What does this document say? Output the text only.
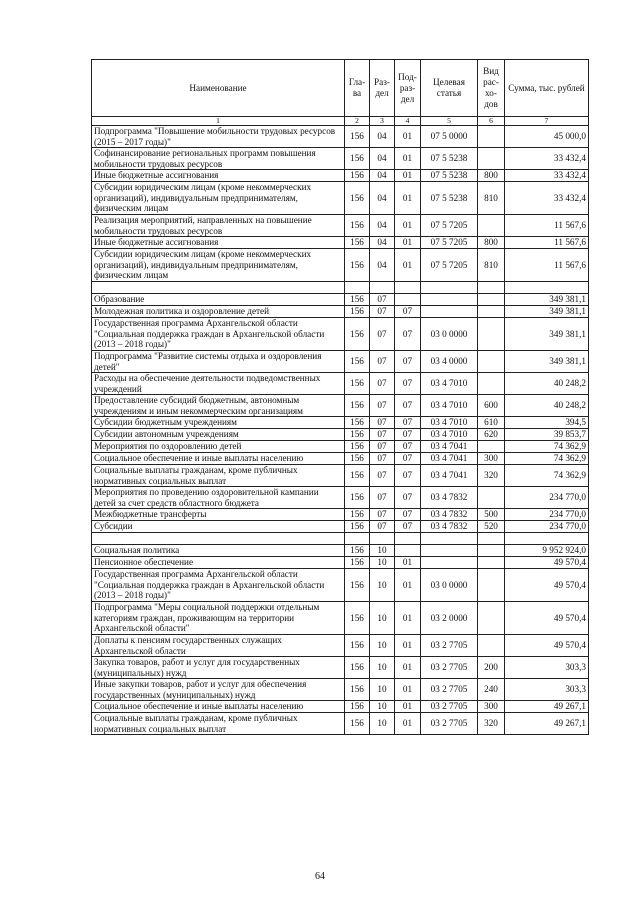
Наименование	Гла-ва	Раз-дел	Под-раз-дел	Целевая статья	Вид рас-хо-дов	Сумма, тыс. рублей
1	2	3	4	5	6	7
Подпрограмма "Повышение мобильности трудовых ресурсов (2015 – 2017 годы)"	156	04	01	07 5 0000		45 000,0
Софинансирование региональных программ повышения мобильности трудовых ресурсов	156	04	01	07 5 5238		33 432,4
Иные бюджетные ассигнования	156	04	01	07 5 5238	800	33 432,4
Субсидии юридическим лицам (кроме некоммерческих организаций), индивидуальным предпринимателям, физическим лицам	156	04	01	07 5 5238	810	33 432,4
Реализация мероприятий, направленных на повышение мобильности трудовых ресурсов	156	04	01	07 5 7205		11 567,6
Иные бюджетные ассигнования	156	04	01	07 5 7205	800	11 567,6
Субсидии юридическим лицам (кроме некоммерческих организаций), индивидуальным предпринимателям, физическим лицам	156	04	01	07 5 7205	810	11 567,6

Образование	156	07				349 381,1
Молодежная политика и оздоровление детей	156	07	07			349 381,1
Государственная программа Архангельской области "Социальная поддержка граждан в Архангельской области (2013 – 2018 годы)"	156	07	07	03 0 0000		349 381,1
Подпрограмма "Развитие системы отдыха и оздоровления детей"	156	07	07	03 4 0000		349 381,1
Расходы на обеспечение деятельности подведомственных учреждений	156	07	07	03 4 7010		40 248,2
Предоставление субсидий бюджетным, автономным учреждениям и иным некоммерческим организациям	156	07	07	03 4 7010	600	40 248,2
Субсидии бюджетным учреждениям	156	07	07	03 4 7010	610	394,5
Субсидии автономным учреждениям	156	07	07	03 4 7010	620	39 853,7
Мероприятия по оздоровлению детей	156	07	07	03 4 7041		74 362,9
Социальное обеспечение и иные выплаты населению	156	07	07	03 4 7041	300	74 362,9
Социальные выплаты гражданам, кроме публичных нормативных социальных выплат	156	07	07	03 4 7041	320	74 362,9
Мероприятия по проведению оздоровительной кампании детей за счет средств областного бюджета	156	07	07	03 4 7832		234 770,0
Межбюджетные трансферты	156	07	07	03 4 7832	500	234 770,0
Субсидии	156	07	07	03 4 7832	520	234 770,0

Социальная политика	156	10				9 952 924,0
Пенсионное обеспечение	156	10	01			49 570,4
Государственная программа Архангельской области "Социальная поддержка граждан в Архангельской области (2013 – 2018 годы)"	156	10	01	03 0 0000		49 570,4
Подпрограмма "Меры социальной поддержки отдельным категориям граждан, проживающим на территории Архангельской области"	156	10	01	03 2 0000		49 570,4
Доплаты к пенсиям государственных служащих Архангельской области	156	10	01	03 2 7705		49 570,4
Закупка товаров, работ и услуг для государственных (муниципальных) нужд	156	10	01	03 2 7705	200	303,3
Иные закупки товаров, работ и услуг для обеспечения государственных (муниципальных) нужд	156	10	01	03 2 7705	240	303,3
Социальное обеспечение и иные выплаты населению	156	10	01	03 2 7705	300	49 267,1
Социальные выплаты гражданам, кроме публичных нормативных социальных выплат	156	10	01	03 2 7705	320	49 267,1
64
